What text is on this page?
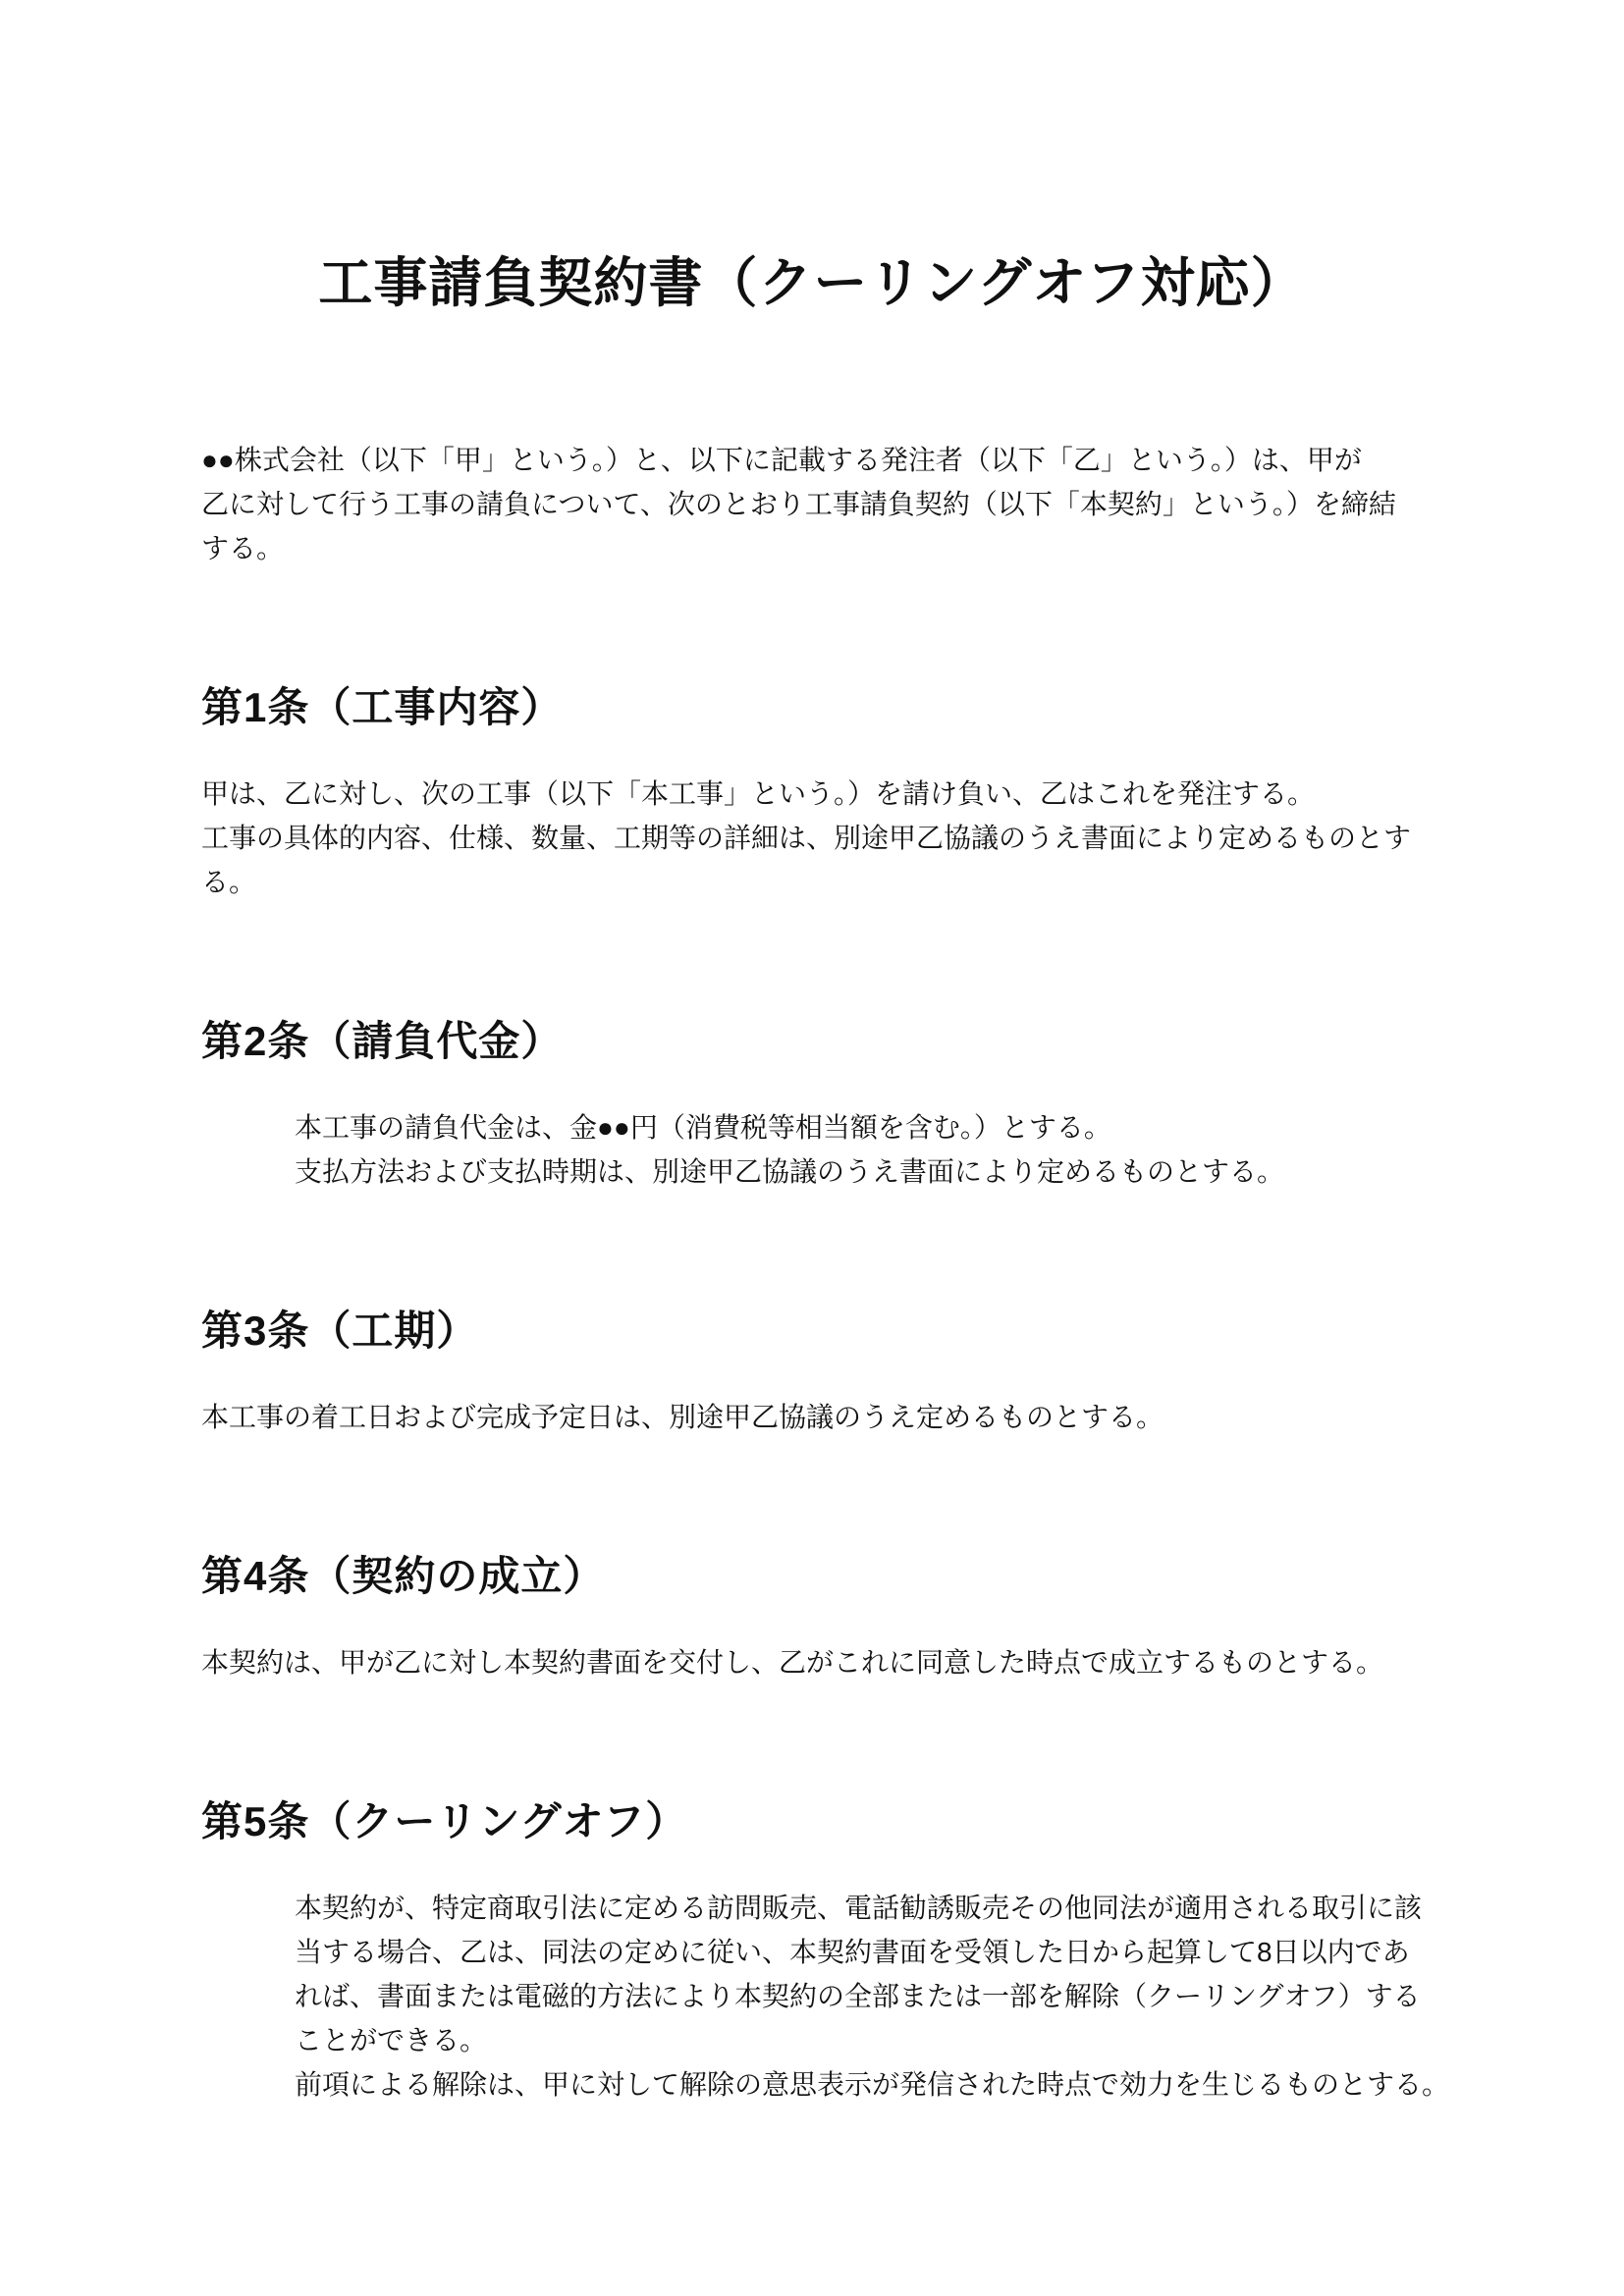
工事請負契約書（クーリングオフ対応）
●●株式会社（以下「甲」という。）と、以下に記載する発注者（以下「乙」という。）は、甲が
乙に対して行う工事の請負について、次のとおり工事請負契約（以下「本契約」という。）を締結
する。
第1条（工事内容）
甲は、乙に対し、次の工事（以下「本工事」という。）を請け負い、乙はこれを発注する。
工事の具体的内容、仕様、数量、工期等の詳細は、別途甲乙協議のうえ書面により定めるものとす
る。
第2条（請負代金）
本工事の請負代金は、金●●円（消費税等相当額を含む。）とする。
支払方法および支払時期は、別途甲乙協議のうえ書面により定めるものとする。
第3条（工期）
本工事の着工日および完成予定日は、別途甲乙協議のうえ定めるものとする。
第4条（契約の成立）
本契約は、甲が乙に対し本契約書面を交付し、乙がこれに同意した時点で成立するものとする。
第5条（クーリングオフ）
本契約が、特定商取引法に定める訪問販売、電話勧誘販売その他同法が適用される取引に該
当する場合、乙は、同法の定めに従い、本契約書面を受領した日から起算して8日以内であ
れば、書面または電磁的方法により本契約の全部または一部を解除（クーリングオフ）する
ことができる。
前項による解除は、甲に対して解除の意思表示が発信された時点で効力を生じるものとする。
